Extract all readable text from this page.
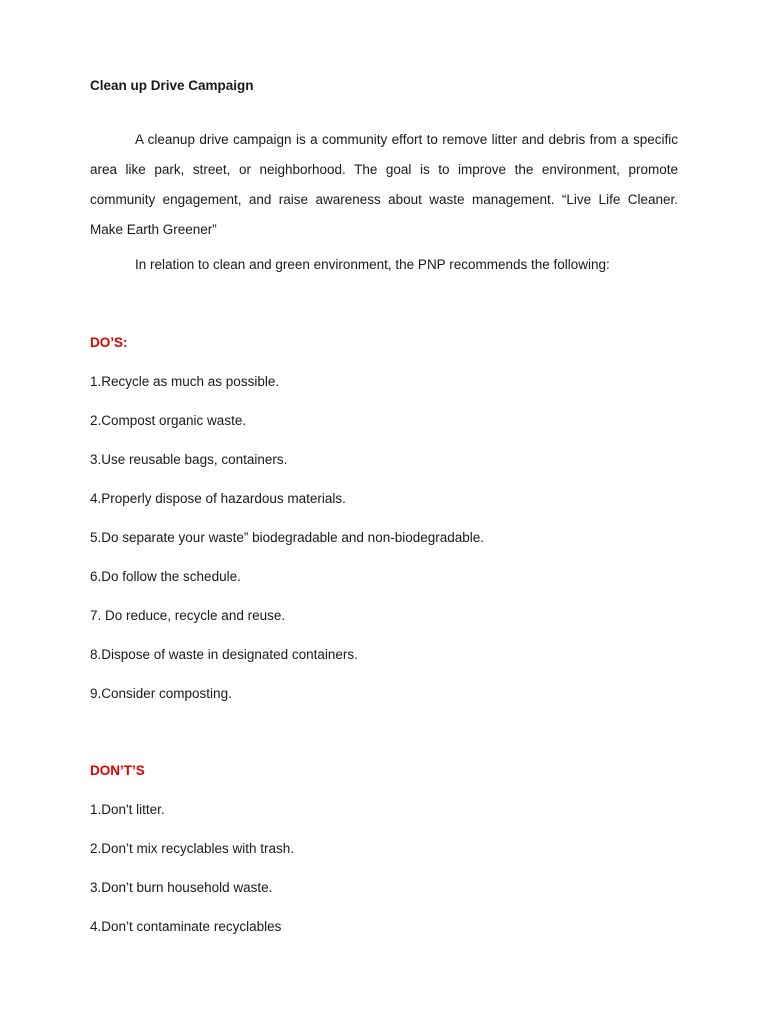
Clean up Drive Campaign

A cleanup drive campaign is a community effort to remove litter and debris from a specific area like park, street, or neighborhood. The goal is to improve the environment, promote community engagement, and raise awareness about waste management. “Live Life Cleaner. Make Earth Greener”

In relation to clean and green environment, the PNP recommends the following:

DO’S:
1.Recycle as much as possible.
2.Compost organic waste.
3.Use reusable bags, containers.
4.Properly dispose of hazardous materials.
5.Do separate your waste” biodegradable and non-biodegradable.
6.Do follow the schedule.
7. Do reduce, recycle and reuse.
8.Dispose of waste in designated containers.
9.Consider composting.
DON’T’S
1.Don't litter.
2.Don’t mix recyclables with trash.
3.Don’t burn household waste.
4.Don’t contaminate recyclables
